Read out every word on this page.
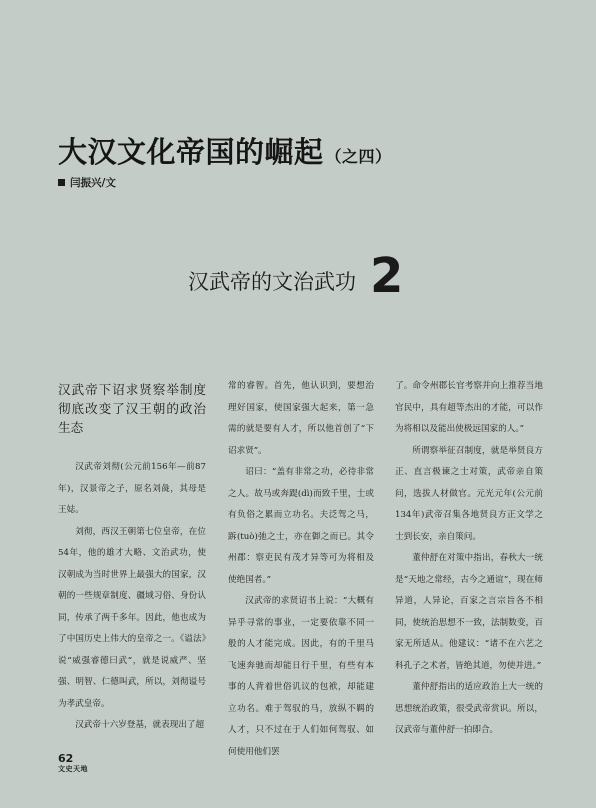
大汉文化帝国的崛起 （之四）
闫振兴/文
汉武帝的文治武功 2
汉武帝下诏求贤察举制度彻底改变了汉王朝的政治生态

汉武帝刘彻(公元前156年—前87年)，汉景帝之子，原名刘彘，其母是王娡。

刘彻，西汉王朝第七位皇帝，在位54年，他的雄才大略、文治武功，使汉朝成为当时世界上最强大的国家，汉朝的一些规章制度、疆域习俗、身份认同，传承了两千多年。因此，他也成为了中国历史上伟大的皇帝之一。《谥法》说“威强睿德曰武”，就是说威严、坚强、明智、仁德叫武，所以，刘彻谥号为孝武皇帝。

汉武帝十六岁登基，就表现出了超

常的睿智。首先，他认识到，要想治理好国家，使国家强大起来，第一急需的就是要有人才，所以他首创了“下诏求贤”。

诏曰：“盖有非常之功，必待非常之人。故马或奔踶(dì)而致千里，士或有负俗之累而立功名。夫泛驾之马，跅(tuò)弛之士，亦在御之而已。其令州郡：察吏民有茂才异等可为将相及使绝国者。”

汉武帝的求贤诏书上说：“大概有异乎寻常的事业，一定要依靠不同一般的人才能完成。因此，有的千里马飞速奔驰而却能日行千里，有些有本事的人背着世俗讥议的包袱，却能建立功名。难于驾驭的马，放纵不羁的人才，只不过在于人们如何驾驭、如何使用他们罢

了。命令州郡长官考察并向上推荐当地官民中，具有超等杰出的才能，可以作为将相以及能出使极远国家的人。”

所谓察举征召制度，就是举贤良方正、直言极谏之士对策，武帝亲自策问，选拔人材做官。元光元年(公元前134年)武帝召集各地贤良方正文学之士到长安，亲自策问。

董仲舒在对策中指出，春秋大一统是“天地之常经，古今之通谊”，现在师异道，人异论，百家之言宗旨各不相同，使统治思想不一致，法制数变，百家无所适从。他建议：“诸不在六艺之科孔子之术者，皆绝其道，勿使并进。”

董仲舒指出的适应政治上大一统的思想统治政策，很受武帝赏识。所以，汉武帝与董仲舒一拍即合。

62
文史天地
